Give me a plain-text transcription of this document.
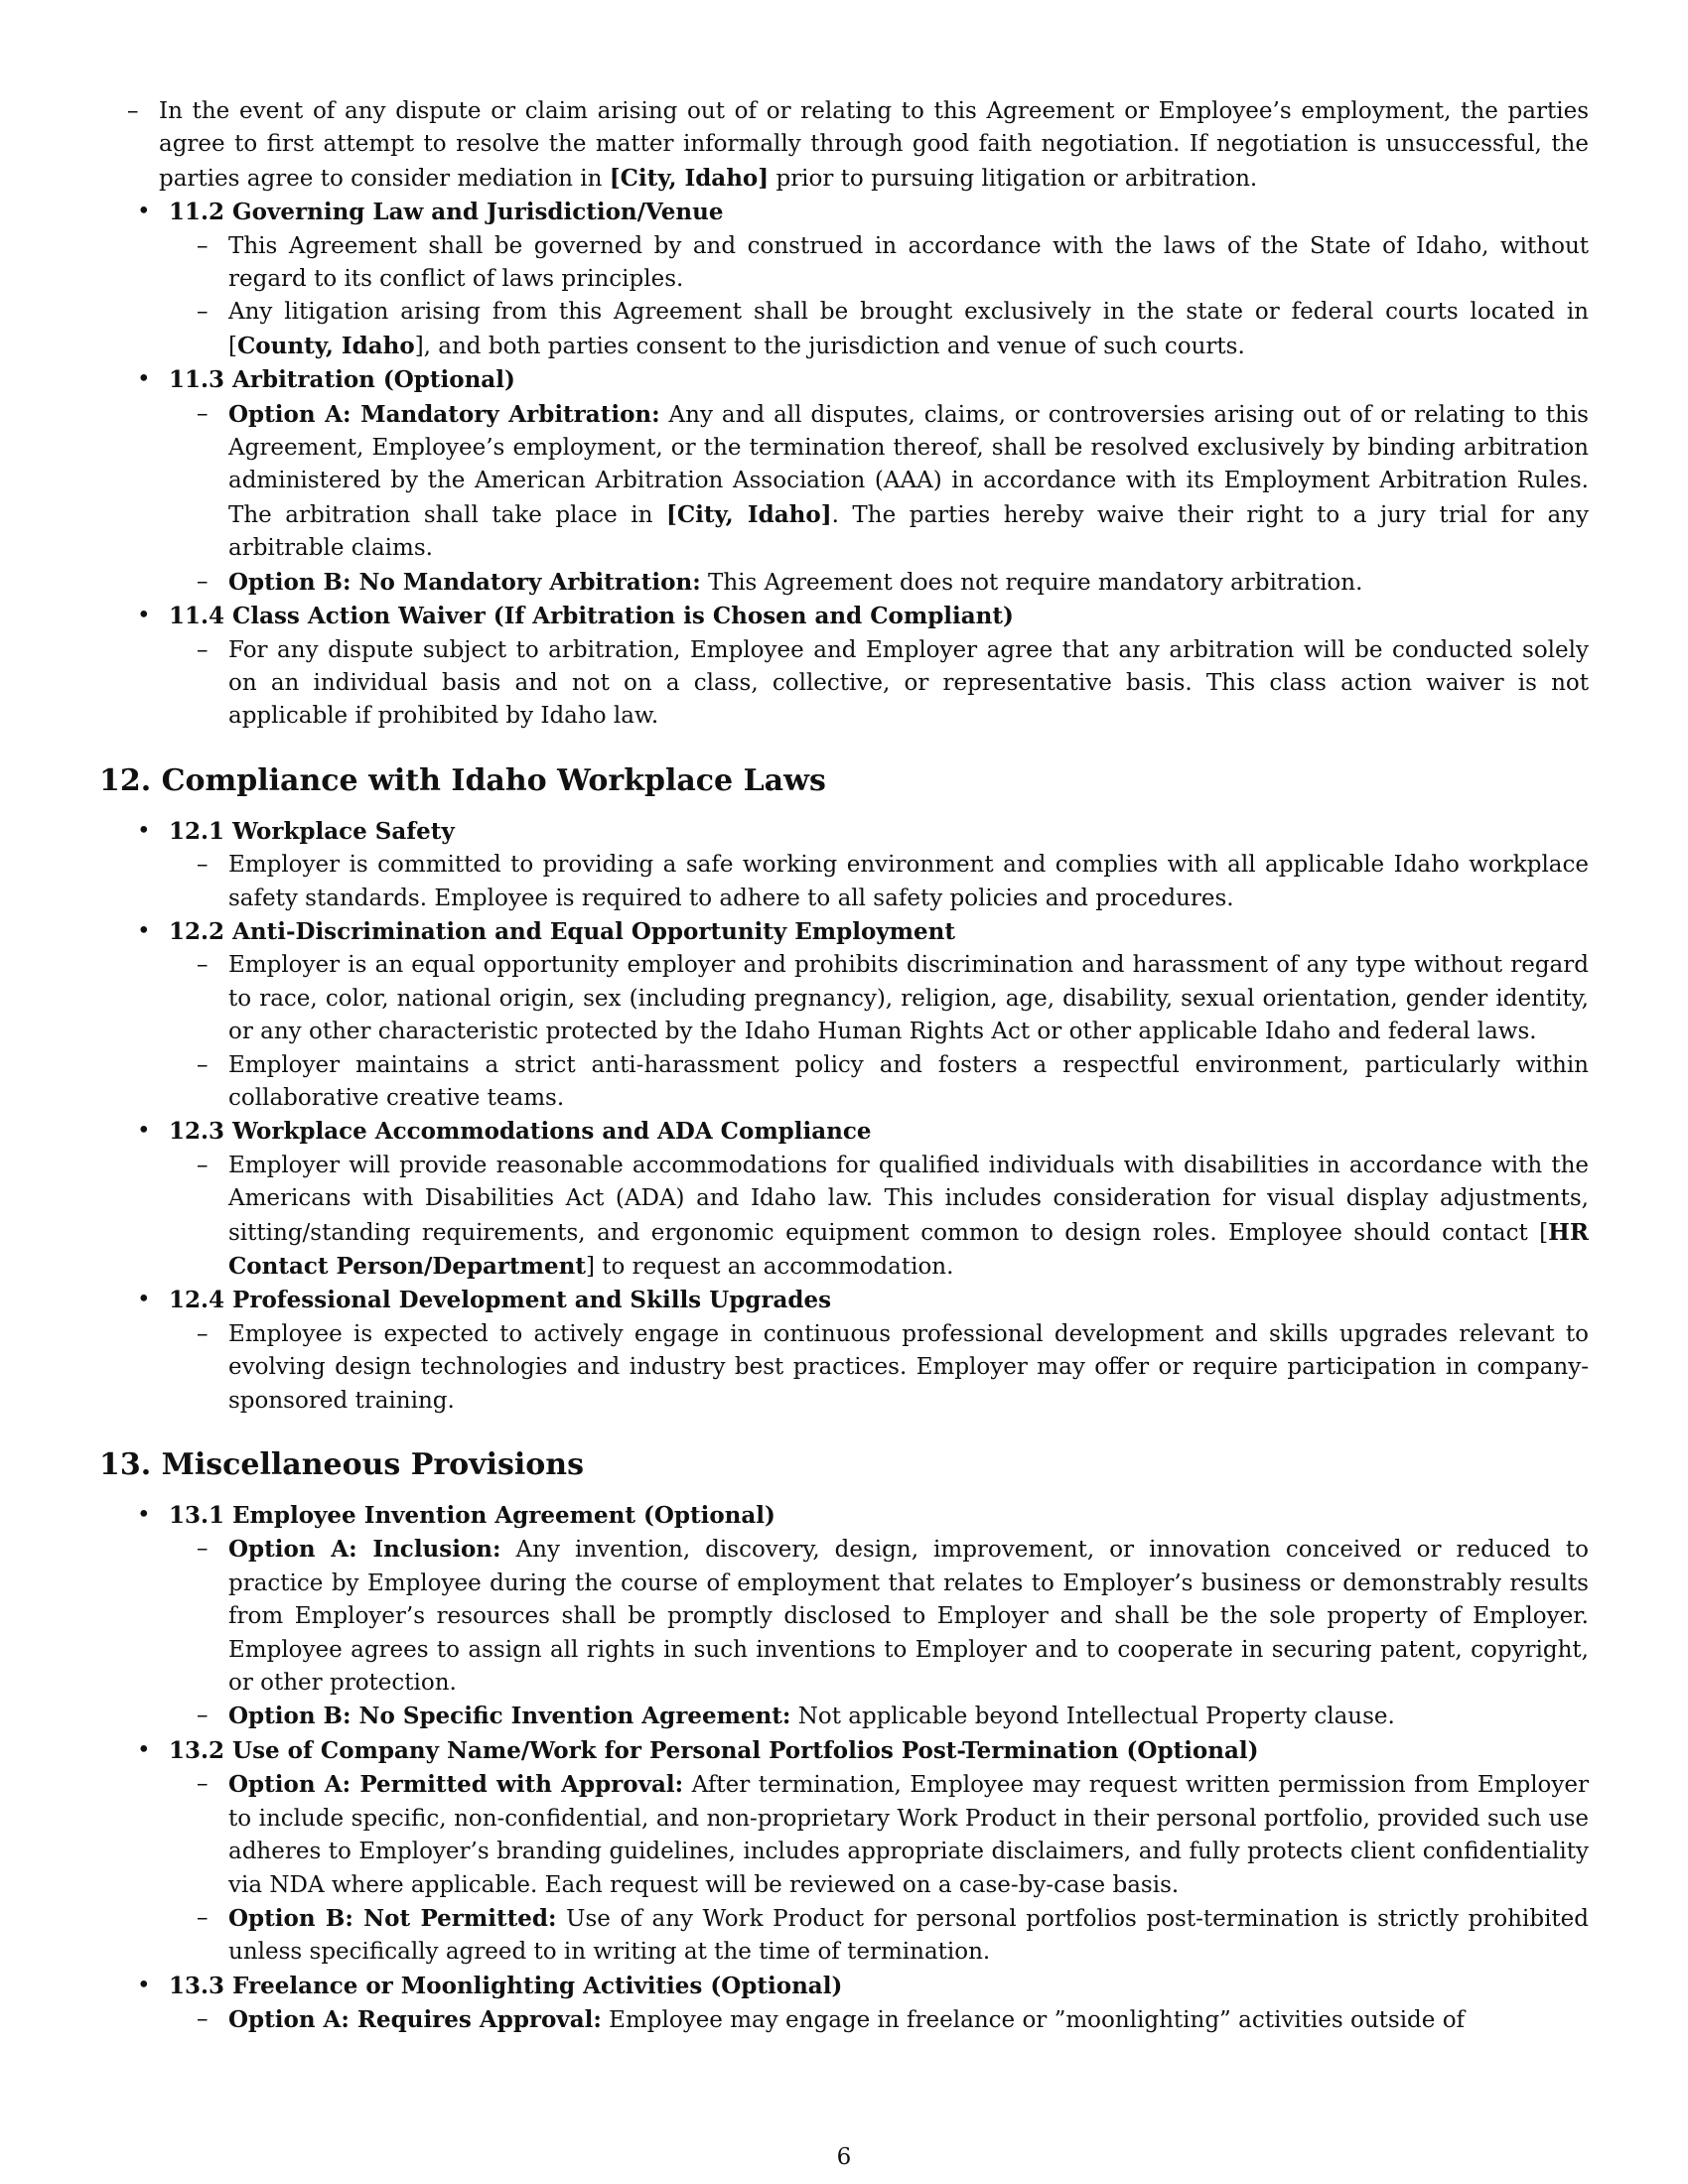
– In the event of any dispute or claim arising out of or relating to this Agreement or Employee’s employment, the parties agree to first attempt to resolve the matter informally through good faith negotiation. If negotiation is unsuccessful, the parties agree to consider mediation in [City, Idaho] prior to pursuing litigation or arbitration.
• 11.2 Governing Law and Jurisdiction/Venue
– This Agreement shall be governed by and construed in accordance with the laws of the State of Idaho, without regard to its conflict of laws principles.
– Any litigation arising from this Agreement shall be brought exclusively in the state or federal courts located in [County, Idaho], and both parties consent to the jurisdiction and venue of such courts.
• 11.3 Arbitration (Optional)
– Option A: Mandatory Arbitration: Any and all disputes, claims, or controversies arising out of or relating to this Agreement, Employee’s employment, or the termination thereof, shall be resolved exclusively by binding arbitration administered by the American Arbitration Association (AAA) in accordance with its Employment Arbitration Rules. The arbitration shall take place in [City, Idaho]. The parties hereby waive their right to a jury trial for any arbitrable claims.
– Option B: No Mandatory Arbitration: This Agreement does not require mandatory arbitration.
• 11.4 Class Action Waiver (If Arbitration is Chosen and Compliant)
– For any dispute subject to arbitration, Employee and Employer agree that any arbitration will be conducted solely on an individual basis and not on a class, collective, or representative basis. This class action waiver is not applicable if prohibited by Idaho law.
12. Compliance with Idaho Workplace Laws
• 12.1 Workplace Safety
– Employer is committed to providing a safe working environment and complies with all applicable Idaho workplace safety standards. Employee is required to adhere to all safety policies and procedures.
• 12.2 Anti-Discrimination and Equal Opportunity Employment
– Employer is an equal opportunity employer and prohibits discrimination and harassment of any type without regard to race, color, national origin, sex (including pregnancy), religion, age, disability, sexual orientation, gender identity, or any other characteristic protected by the Idaho Human Rights Act or other applicable Idaho and federal laws.
– Employer maintains a strict anti-harassment policy and fosters a respectful environment, particularly within collaborative creative teams.
• 12.3 Workplace Accommodations and ADA Compliance
– Employer will provide reasonable accommodations for qualified individuals with disabilities in accordance with the Americans with Disabilities Act (ADA) and Idaho law. This includes consideration for visual display adjustments, sitting/standing requirements, and ergonomic equipment common to design roles. Employee should contact [HR Contact Person/Department] to request an accommodation.
• 12.4 Professional Development and Skills Upgrades
– Employee is expected to actively engage in continuous professional development and skills upgrades relevant to evolving design technologies and industry best practices. Employer may offer or require participation in company-sponsored training.
13. Miscellaneous Provisions
• 13.1 Employee Invention Agreement (Optional)
– Option A: Inclusion: Any invention, discovery, design, improvement, or innovation conceived or reduced to practice by Employee during the course of employment that relates to Employer’s business or demonstrably results from Employer’s resources shall be promptly disclosed to Employer and shall be the sole property of Employer. Employee agrees to assign all rights in such inventions to Employer and to cooperate in securing patent, copyright, or other protection.
– Option B: No Specific Invention Agreement: Not applicable beyond Intellectual Property clause.
• 13.2 Use of Company Name/Work for Personal Portfolios Post-Termination (Optional)
– Option A: Permitted with Approval: After termination, Employee may request written permission from Employer to include specific, non-confidential, and non-proprietary Work Product in their personal portfolio, provided such use adheres to Employer’s branding guidelines, includes appropriate disclaimers, and fully protects client confidentiality via NDA where applicable. Each request will be reviewed on a case-by-case basis.
– Option B: Not Permitted: Use of any Work Product for personal portfolios post-termination is strictly prohibited unless specifically agreed to in writing at the time of termination.
• 13.3 Freelance or Moonlighting Activities (Optional)
– Option A: Requires Approval: Employee may engage in freelance or ”moonlighting” activities outside of
6
